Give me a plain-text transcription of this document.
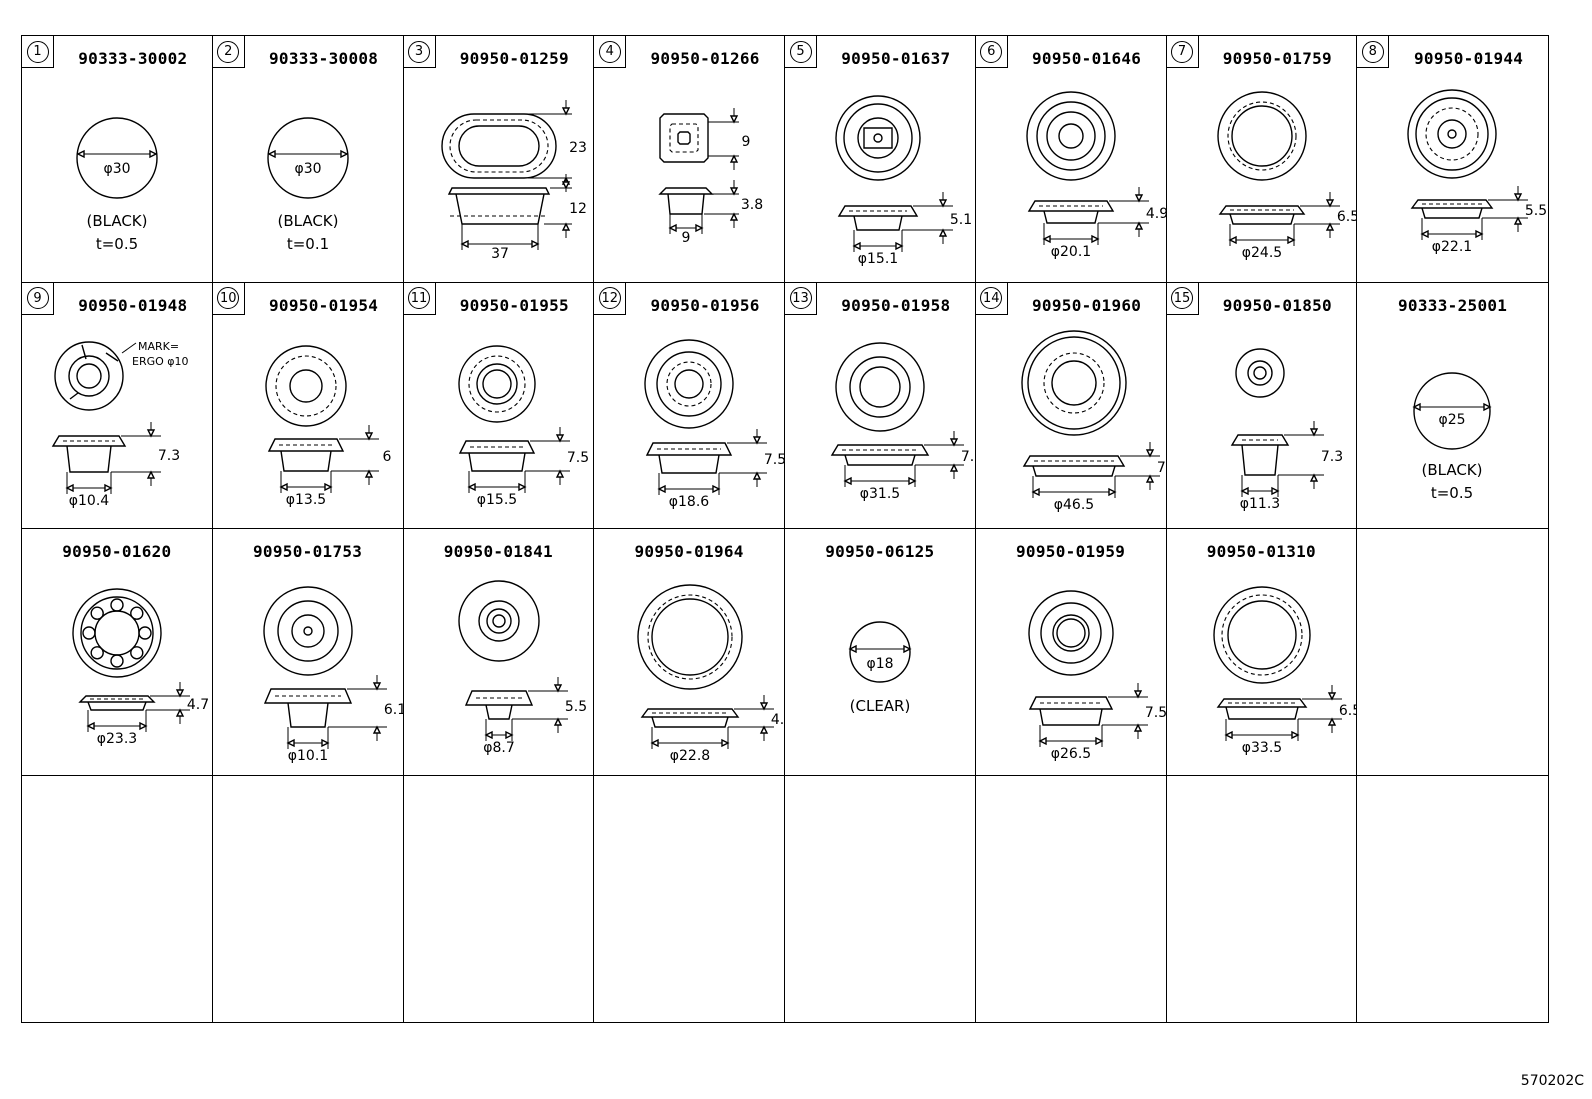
1	90333-30002
φ30
(BLACK)
t=0.5
2	90333-30008
φ30
(BLACK)
t=0.1
3	90950-01259
23
12
37
4	90950-01266
9
3.8
9
5	90950-01637
5.1
φ15.1
6	90950-01646
4.9
φ20.1
7	90950-01759
6.5
φ24.5
8	90950-01944
5.5
φ22.1
9	90950-01948
MARK=
ERGO φ10
7.3
φ10.4
10	90950-01954
6
φ13.5
11	90950-01955
7.5
φ15.5
12	90950-01956
7.5
φ18.6
13	90950-01958
7.5
φ31.5
14	90950-01960
7.5
φ46.5
15	90950-01850
7.3
φ11.3
90333-25001
φ25
(BLACK)
t=0.5
90950-01620
4.7
φ23.3
90950-01753
6.1
φ10.1
90950-01841
5.5
φ8.7
90950-01964
4.9
φ22.8
90950-06125
φ18
(CLEAR)
90950-01959
7.5
φ26.5
90950-01310
6.5
φ33.5
570202C
